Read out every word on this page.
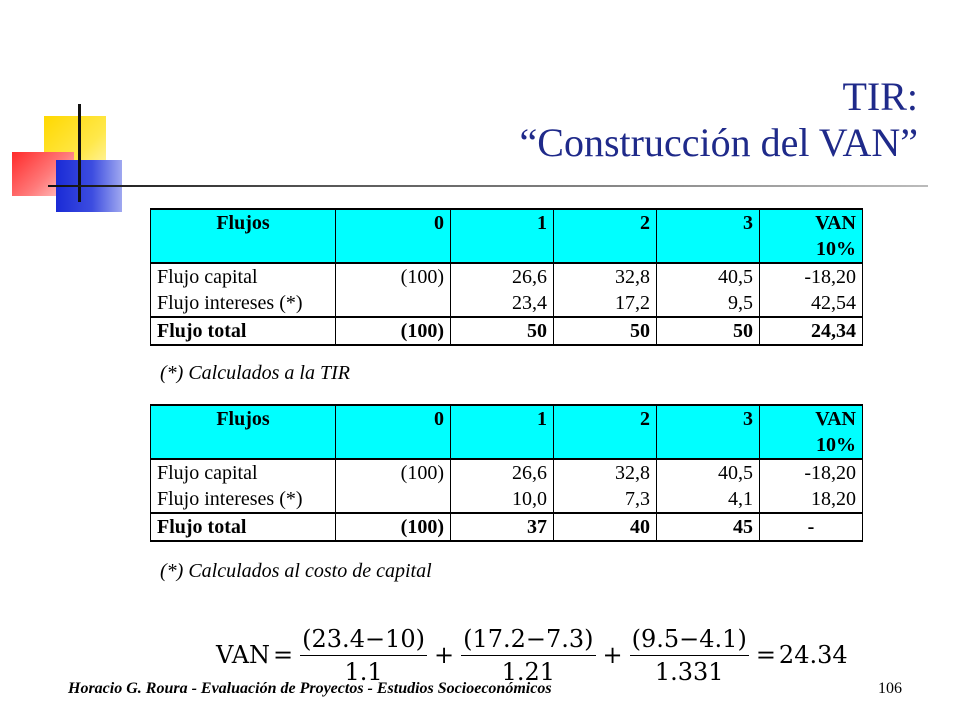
TIR:
“Construcción del VAN”
Flujos	0	1	2	3	VAN
10%

Flujo capital	(100)	26,6	32,8	40,5	-18,20
Flujo intereses (*)		23,4	17,2	9,5	42,54
Flujo total	(100)	50	50	50	24,34
(*) Calculados a la TIR
Flujos	0	1	2	3	VAN
10%

Flujo capital	(100)	26,6	32,8	40,5	-18,20
Flujo intereses (*)		10,0	7,3	4,1	18,20
Flujo total	(100)	37	40	45	-
(*) Calculados al costo de capital
VAN = $\frac{(23.4-10)}{1.1} + \frac{(17.2-7.3)}{1.21} + \frac{(9.5-4.1)}{1.331} = 24.34$
Horacio G. Roura - Evaluación de Proyectos - Estudios Socioeconómicos	106
